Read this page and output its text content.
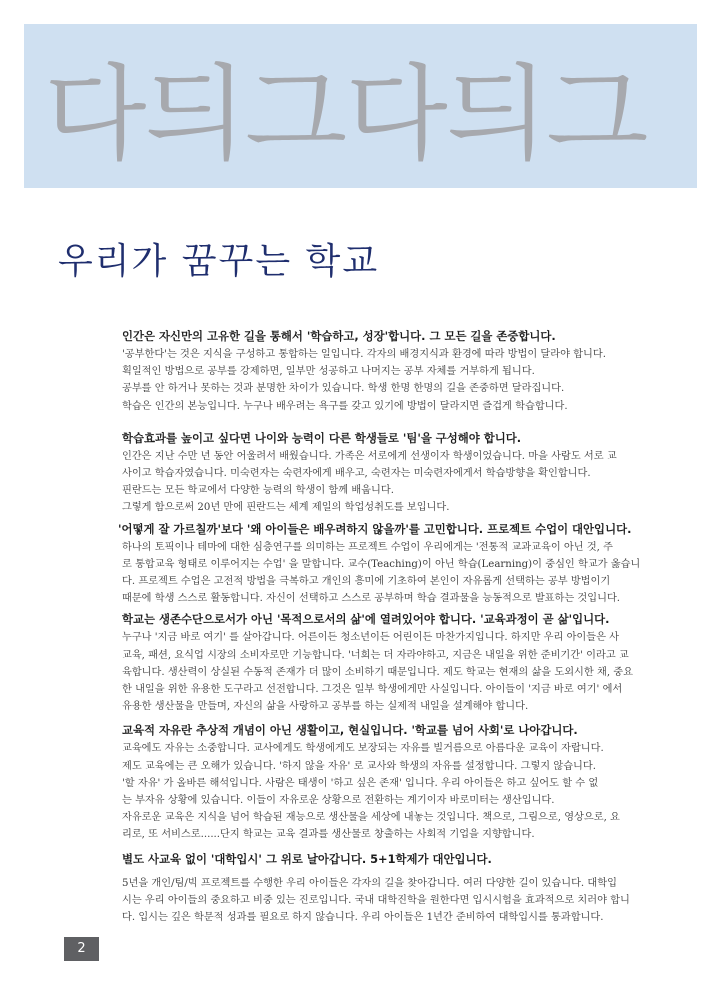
다듸그다듸그
우리가 꿈꾸는 학교
인간은 자신만의 고유한 길을 통해서 '학습하고, 성장'합니다. 그 모든 길을 존중합니다.

'공부한다'는 것은 지식을 구성하고 통합하는 일입니다. 각자의 배경지식과 환경에 따라 방법이 달라야 합니다.
획일적인 방법으로 공부를 강제하면, 일부만 성공하고 나머지는 공부 자체를 거부하게 됩니다.
공부를 안 하거나 못하는 것과 분명한 차이가 있습니다. 학생 한명 한명의 길을 존중하면 달라집니다.
학습은 인간의 본능입니다. 누구나 배우려는 욕구를 갖고 있기에 방법이 달라지면 즐겁게 학습합니다.

학습효과를 높이고 싶다면 나이와 능력이 다른 학생들로 '팀'을 구성해야 합니다.

인간은 지난 수만 년 동안 어울려서 배웠습니다. 가족은 서로에게 선생이자 학생이었습니다. 마을 사람도 서로 교
사이고 학습자였습니다. 미숙련자는 숙련자에게 배우고, 숙련자는 미숙련자에게서 학습방향을 확인합니다.
핀란드는 모든 학교에서 다양한 능력의 학생이 함께 배웁니다.
그렇게 함으로써 20년 만에 핀란드는 세계 제일의 학업성취도를 보입니다.

'어떻게 잘 가르칠까'보다 '왜 아이들은 배우려하지 않을까'를 고민합니다. 프로젝트 수업이 대안입니다.

하나의 토픽이나 테마에 대한 심층연구를 의미하는 프로젝트 수업이 우리에게는 '전통적 교과교육이 아닌 것, 주
로 통합교육 형태로 이루어지는 수업' 을 말합니다. 교수(Teaching)이 아닌 학습(Learning)이 중심인 학교가 옳습니
다. 프로젝트 수업은 고전적 방법을 극복하고 개인의 흥미에 기초하여 본인이 자유롭게 선택하는 공부 방법이기
때문에 학생 스스로 활동합니다. 자신이 선택하고 스스로 공부하며 학습 결과물을 능동적으로 발표하는 것입니다.

학교는 생존수단으로서가 아닌 '목적으로서의 삶'에 열려있어야 합니다. '교육과정이 곧 삶'입니다.

누구나 '지금 바로 여기' 를 살아갑니다. 어른이든 청소년이든 어린이든 마찬가지입니다. 하지만 우리 아이들은 사
교육, 패션, 요식업 시장의 소비자로만 기능합니다. '너희는 더 자라야하고, 지금은 내일을 위한 준비기간' 이라고 교
육합니다. 생산력이 상실된 수동적 존재가 더 많이 소비하기 때문입니다. 제도 학교는 현재의 삶을 도외시한 채, 중요
한 내일을 위한 유용한 도구라고 선전합니다. 그것은 일부 학생에게만 사실입니다. 아이들이 '지금 바로 여기' 에서
유용한 생산물을 만들며, 자신의 삶을 사랑하고 공부를 하는 실제적 내일을 설계해야 합니다.

교육적 자유란 추상적 개념이 아닌 생활이고, 현실입니다. '학교를 넘어 사회'로 나아갑니다.

교육에도 자유는 소중합니다. 교사에게도 학생에게도 보장되는 자유를 빌거름으로 아름다운 교육이 자랍니다.
제도 교육에는 큰 오해가 있습니다. '하지 않을 자유' 로 교사와 학생의 자유를 설정합니다. 그렇지 않습니다.
'할 자유' 가 올바른 해석입니다. 사람은 태생이 '하고 싶은 존재' 입니다. 우리 아이들은 하고 싶어도 할 수 없
는 부자유 상황에 있습니다. 이들이 자유로운 상황으로 전환하는 계기이자 바로미터는 생산입니다.
자유로운 교육은 지식을 넘어 학습된 재능으로 생산물을 세상에 내놓는 것입니다. 책으로, 그림으로, 영상으로, 요
리로, 또 서비스로......단지 학교는 교육 결과를 생산물로 창출하는 사회적 기업을 지향합니다.

별도 사교육 없이 '대학입시' 그 위로 날아갑니다. 5+1학제가 대안입니다.

5년을 개인/팀/빅 프로젝트를 수행한 우리 아이들은 각자의 길을 찾아갑니다. 여러 다양한 길이 있습니다. 대학입
시는 우리 아이들의 중요하고 비중 있는 진로입니다. 국내 대학진학을 원한다면 입시시험을 효과적으로 치러야 합니
다. 입시는 깊은 학문적 성과를 필요로 하지 않습니다. 우리 아이들은 1년간 준비하여 대학입시를 통과합니다.

2
